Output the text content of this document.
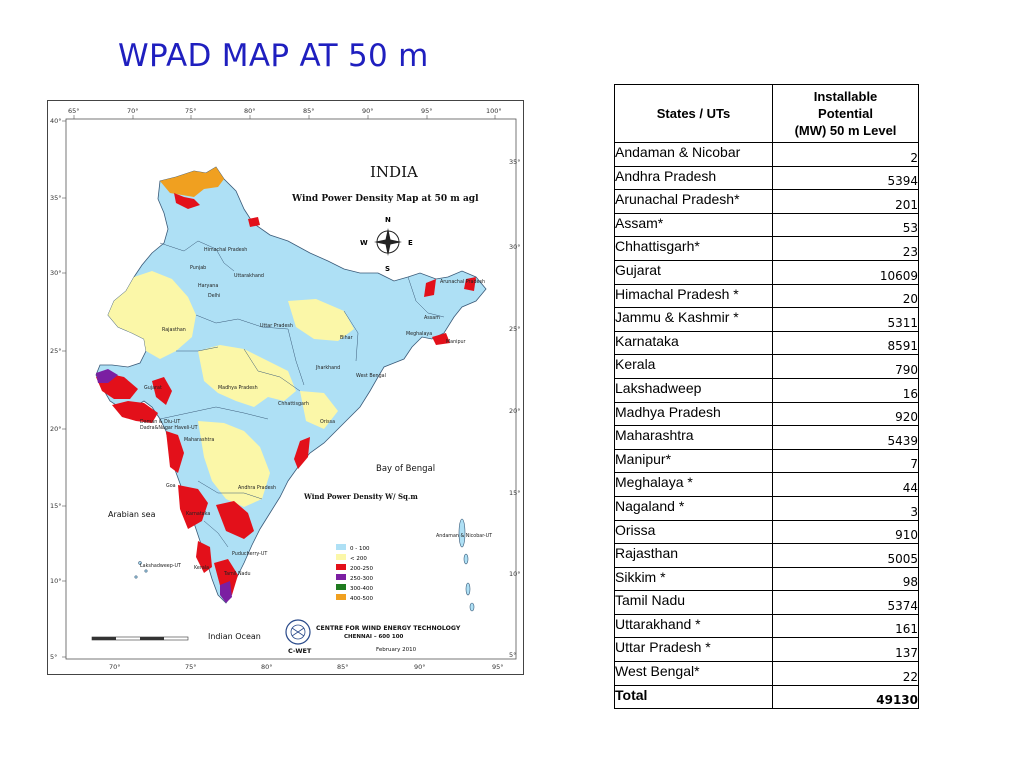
WPAD MAP AT 50 m
65°	70°	75°	80°	85°	90°	95°	100°
40°
35°
30°
25°
20°
15°
10°
5°
35°
30°
25°
20°
15°
10°
5°
70°	75°	80°	85°	90°	95°
Himachal Pradesh
Punjab
Uttarakhand
Haryana
Delhi
Rajasthan
Uttar Pradesh
Gujarat	Madhya Pradesh
Bihar
Jharkhand
West Bengal
Chhattisgarh
Orissa
Maharashtra
Andhra Pradesh
Karnataka
Goa
Kerala
Tamil Nadu
Puducherry-UT
Lakshadweep-UT
Andaman & Nicobar-UT
Arunachal Pradesh
Assam
Meghalaya
Manipur
Daman & Diu-UT
Dadra&Nagar Haveli-UT
INDIA
Wind Power Density Map at 50 m agl
N
S
E
W
Arabian sea
Bay of Bengal
Indian Ocean
Wind Power Density W/ Sq.m
0 - 100
< 200
200-250
250-300
300-400
400-500
C-WET
CENTRE FOR WIND ENERGY TECHNOLOGY
CHENNAI – 600 100
February 2010
States / UTs	Installable
Potential
(MW) 50 m Level

Andaman & Nicobar	2
Andhra Pradesh	5394
Arunachal Pradesh*	201
Assam*	53
Chhattisgarh*	23
Gujarat	10609
Himachal Pradesh *	20
Jammu & Kashmir *	5311
Karnataka	8591
Kerala	790
Lakshadweep	16
Madhya Pradesh	920
Maharashtra	5439
Manipur*	7
Meghalaya *	44
Nagaland *	3
Orissa	910
Rajasthan	5005
Sikkim *	98
Tamil Nadu	5374
Uttarakhand *	161
Uttar Pradesh *	137
West Bengal*	22
Total	49130
